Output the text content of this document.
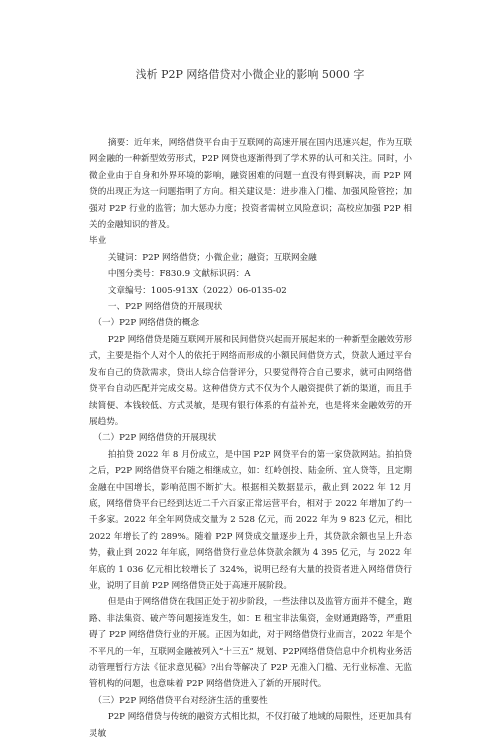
浅析 P2P 网络借贷对小微企业的影响 5000 字

摘要：近年来，网络借贷平台由于互联网的高速开展在国内迅速兴起，作为互联网金融的一种新型效劳形式，P2P 网贷也逐渐得到了学术界的认可和关注。同时，小微企业由于自身和外界环境的影响，融资困难的问题一直没有得到解决，而 P2P 网贷的出现正为这一问题指明了方向。相关建议是：进步准入门槛、加强风险管控；加强对 P2P 行业的监管；加大惩办力度；投资者需树立风险意识；高校应加强 P2P 相关的金融知识的普及。

毕业

关键词：P2P 网络借贷；小微企业；融资；互联网金融

中图分类号：F830.9 文献标识码：A

文章编号：1005-913X（2022）06-0135-02

一、P2P 网络借贷的开展现状

（一）P2P 网络借贷的概念

P2P 网络借贷是随互联网开展和民间借贷兴起而开展起来的一种新型金融效劳形式，主要是指个人对个人的依托于网络而形成的小额民间借贷方式，贷款人通过平台发布自己的贷款需求，贷出人综合信誉评分，只要觉得符合自己要求，就可由网络借贷平台自动匹配并完成交易。这种借贷方式不仅为个人融资提供了新的渠道，而且手续简便、本钱较低、方式灵敏，是现有银行体系的有益补充，也是将来金融效劳的开展趋势。

（二）P2P 网络借贷的开展现状

拍拍贷 2022 年 8 月份成立，是中国 P2P 网贷平台的第一家贷款网站。拍拍贷之后，P2P 网络借贷平台随之相继成立，如：红岭创投、陆金所、宜人贷等，且定期金融在中国增长，影响范围不断扩大。根据相关数据显示，截止到 2022 年 12 月底，网络借贷平台已经到达近二千六百家正常运营平台，相对于 2022 年增加了约一千多家。2022 年全年网贷成交量为 2 528 亿元，而 2022 年为 9 823 亿元，相比 2022 年增长了约 289%。随着 P2P 网贷成交量逐步上升，其贷款余额也呈上升态势，截止到 2022 年年底，网络借贷行业总体贷款余额为 4 395 亿元，与 2022 年年底的 1 036 亿元相比较增长了 324%，说明已经有大量的投资者进入网络借贷行业，说明了目前 P2P 网络借贷正处于高速开展阶段。

但是由于网络借贷在我国正处于初步阶段，一些法律以及监管方面并不健全，跑路、非法集资、破产等问题接连发生，如：E 租宝非法集资，金财通跑路等，严重阻碍了 P2P 网络借贷行业的开展。正因为如此，对于网络借贷行业而言，2022 年是个不平凡的一年，互联网金融被列入“十三五” 规划、P2P网络借贷信息中介机构业务活动管理暂行方法《征求意见稿》?出台等解决了 P2P 无准入门槛、无行业标准、无监管机构的问题，也意味着 P2P 网络借贷进入了新的开展时代。

（三）P2P 网络借贷平台对经济生活的重要性

P2P 网络借贷与传统的融资方式相比拟，不仅打破了地域的局限性，还更加具有灵敏
